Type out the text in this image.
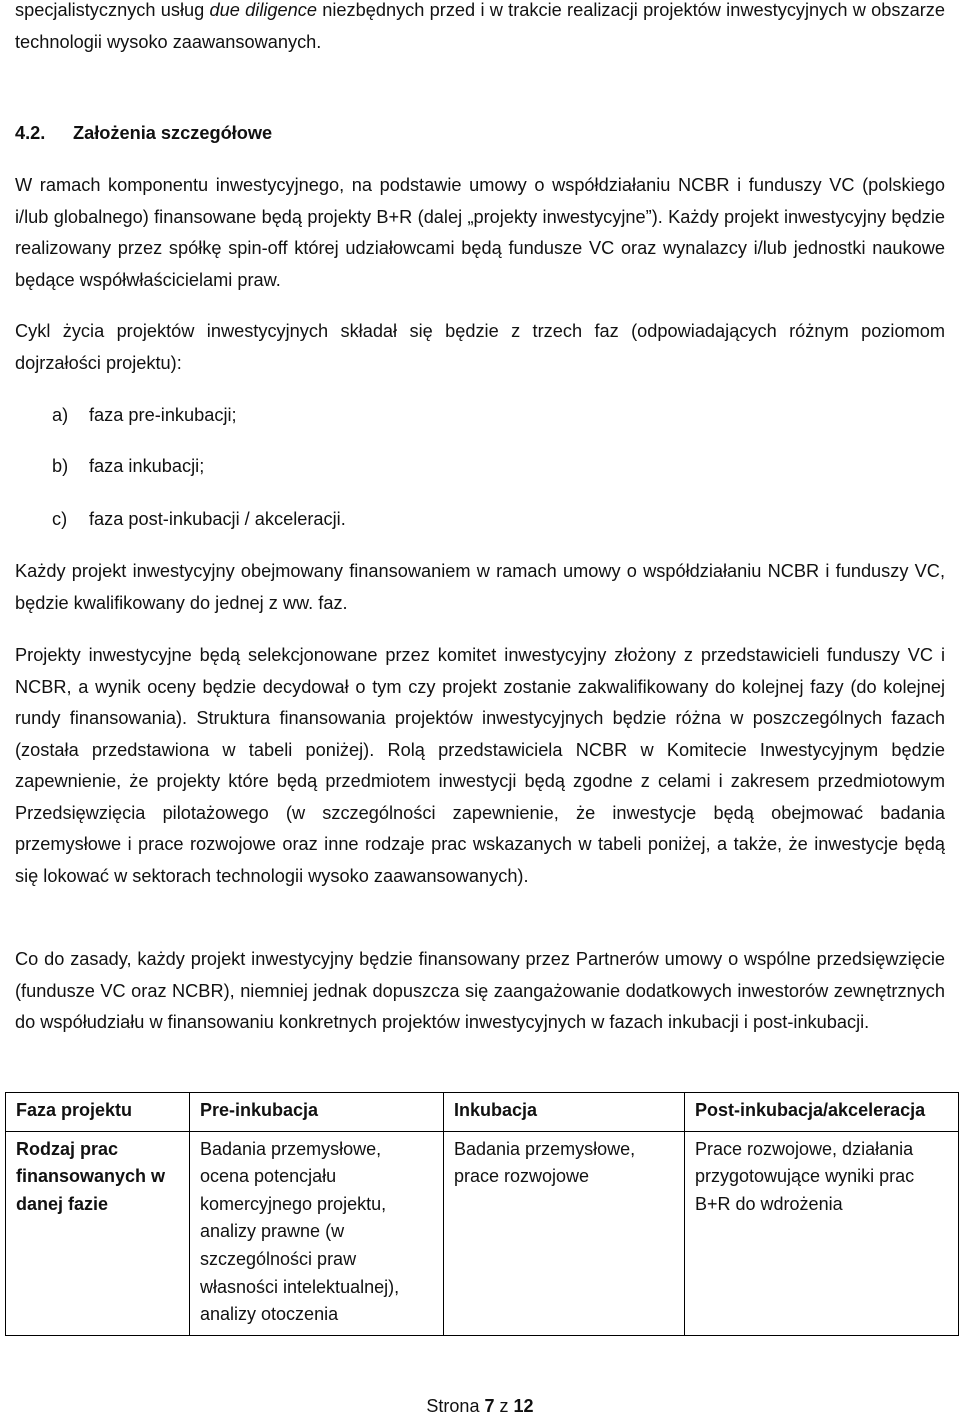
specjalistycznych usług due diligence niezbędnych przed i w trakcie realizacji projektów inwestycyjnych w obszarze technologii wysoko zaawansowanych.

4.2. Założenia szczegółowe

W ramach komponentu inwestycyjnego, na podstawie umowy o współdziałaniu NCBR i funduszy VC (polskiego i/lub globalnego) finansowane będą projekty B+R (dalej „projekty inwestycyjne”). Każdy projekt inwestycyjny będzie realizowany przez spółkę spin-off której udziałowcami będą fundusze VC oraz wynalazcy i/lub jednostki naukowe będące współwłaścicielami praw.

Cykl życia projektów inwestycyjnych składał się będzie z trzech faz (odpowiadających różnym poziomom dojrzałości projektu):

a) faza pre-inkubacji;
b) faza inkubacji;
c) faza post-inkubacji / akceleracji.

Każdy projekt inwestycyjny obejmowany finansowaniem w ramach umowy o współdziałaniu NCBR i funduszy VC, będzie kwalifikowany do jednej z ww. faz.

Projekty inwestycyjne będą selekcjonowane przez komitet inwestycyjny złożony z przedstawicieli funduszy VC i NCBR, a wynik oceny będzie decydował o tym czy projekt zostanie zakwalifikowany do kolejnej fazy (do kolejnej rundy finansowania). Struktura finansowania projektów inwestycyjnych będzie różna w poszczególnych fazach (została przedstawiona w tabeli poniżej). Rolą przedstawiciela NCBR w Komitecie Inwestycyjnym będzie zapewnienie, że projekty które będą przedmiotem inwestycji będą zgodne z celami i zakresem przedmiotowym Przedsięwzięcia pilotażowego (w szczególności zapewnienie, że inwestycje będą obejmować badania przemysłowe i prace rozwojowe oraz inne rodzaje prac wskazanych w tabeli poniżej, a także, że inwestycje będą się lokować w sektorach technologii wysoko zaawansowanych).

Co do zasady, każdy projekt inwestycyjny będzie finansowany przez Partnerów umowy o wspólne przedsięwzięcie (fundusze VC oraz NCBR), niemniej jednak dopuszcza się zaangażowanie dodatkowych inwestorów zewnętrznych do współudziału w finansowaniu konkretnych projektów inwestycyjnych w fazach inkubacji i post-inkubacji.

Faza projektu	Pre-inkubacja	Inkubacja	Post-inkubacja/akceleracja
Rodzaj prac finansowanych w danej fazie	Badania przemysłowe, ocena potencjału komercyjnego projektu, analizy prawne (w szczególności praw własności intelektualnej), analizy otoczenia	Badania przemysłowe, prace rozwojowe	Prace rozwojowe, działania przygotowujące wyniki prac B+R do wdrożenia
Strona 7 z 12
